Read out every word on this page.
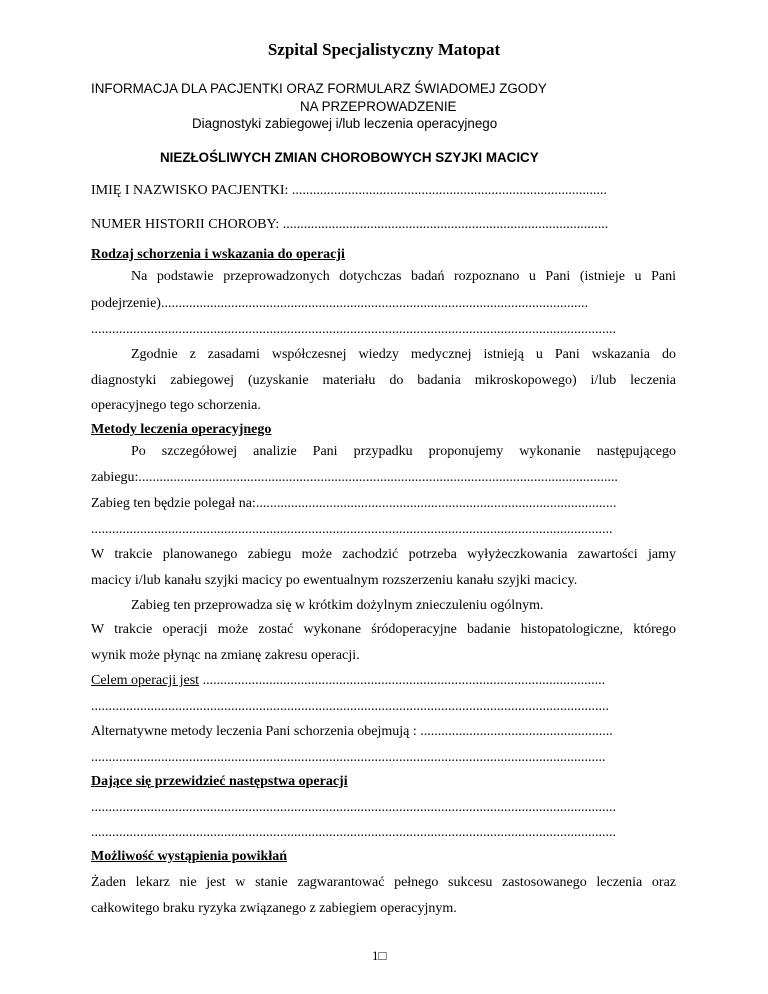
Szpital Specjalistyczny Matopat
INFORMACJA DLA PACJENTKI ORAZ FORMULARZ ŚWIADOMEJ ZGODY
NA PRZEPROWADZENIE
Diagnostyki zabiegowej i/lub leczenia operacyjnego
NIEZŁOŚLIWYCH ZMIAN CHOROBOWYCH SZYJKI MACICY
IMIĘ I NAZWISKO PACJENTKI: ..........................................................................................
NUMER HISTORII CHOROBY: .............................................................................................
Rodzaj schorzenia i wskazania do operacji
Na podstawie przeprowadzonych dotychczas badań rozpoznano u Pani (istnieje u Pani
podejrzenie)..........................................................................................................................
......................................................................................................................................................
Zgodnie z zasadami współczesnej wiedzy medycznej istnieją u Pani wskazania do
diagnostyki zabiegowej (uzyskanie materiału do badania mikroskopowego) i/lub leczenia
operacyjnego tego schorzenia.
Metody leczenia operacyjnego
Po szczegółowej analizie Pani przypadku proponujemy wykonanie następującego
zabiegu:.........................................................................................................................................
Zabieg ten będzie polegał na:.......................................................................................................
.....................................................................................................................................................
W trakcie planowanego zabiegu może zachodzić potrzeba wyłyżeczkowania zawartości jamy
macicy i/lub kanału szyjki macicy po ewentualnym rozszerzeniu kanału szyjki macicy.
Zabieg ten przeprowadza się w krótkim dożylnym znieczuleniu ogólnym.
W trakcie operacji może zostać wykonane śródoperacyjne badanie histopatologiczne, którego
wynik może płynąc na zmianę zakresu operacji.
Celem operacji jest ...................................................................................................................
....................................................................................................................................................
Alternatywne metody leczenia Pani schorzenia obejmują : .......................................................
...................................................................................................................................................
Dające się przewidzieć następstwa operacji
......................................................................................................................................................
......................................................................................................................................................
Możliwość wystąpienia powikłań
Żaden lekarz nie jest w stanie zagwarantować pełnego sukcesu zastosowanego leczenia oraz
całkowitego braku ryzyka związanego z zabiegiem operacyjnym.
1□
